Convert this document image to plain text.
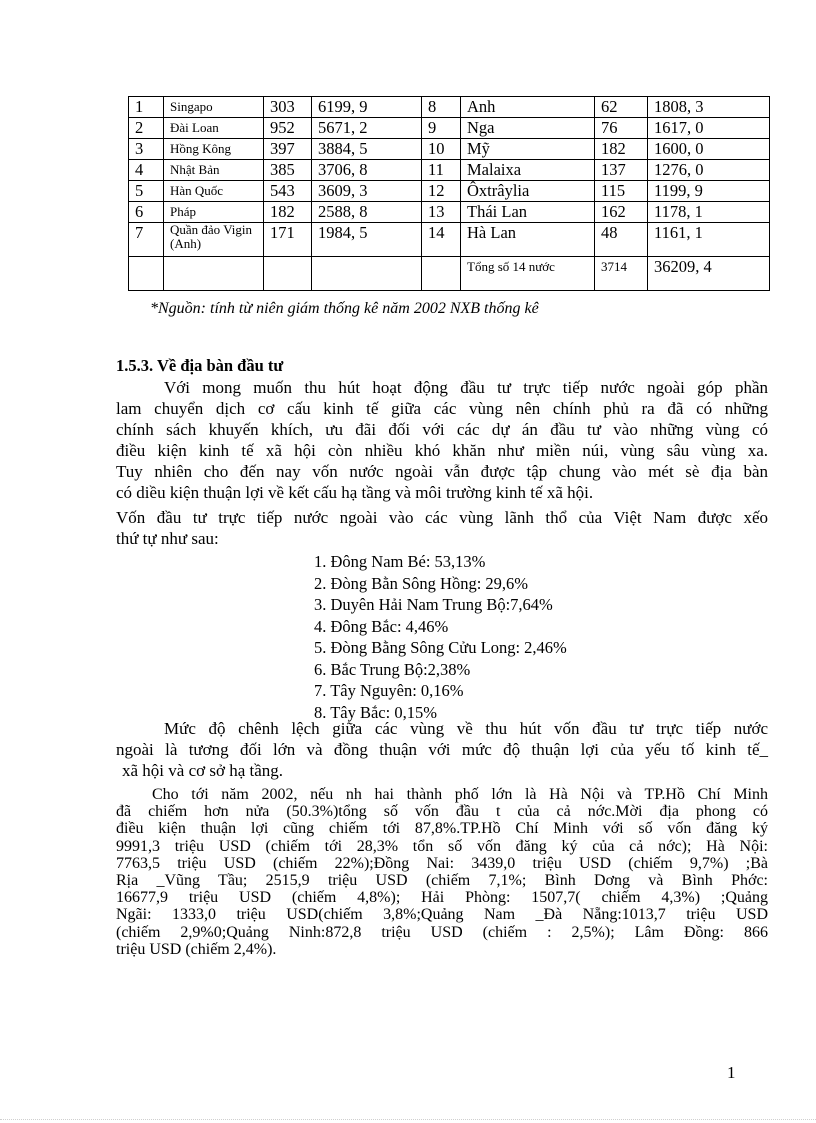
1	Singapo	303	6199, 9	8	Anh	62	1808, 3
2	Đài Loan	952	5671, 2	9	Nga	76	1617, 0
3	Hồng Kông	397	3884, 5	10	Mỹ	182	1600, 0
4	Nhật Bản	385	3706, 8	11	Malaixa	137	1276, 0
5	Hàn Quốc	543	3609, 3	12	Ôxtrâylia	115	1199, 9
6	Pháp	182	2588, 8	13	Thái Lan	162	1178, 1
7	Quần đảo Vigin (Anh)	171	1984, 5	14	Hà Lan	48	1161, 1
					Tổng số 14 nước	3714	36209, 4
*Nguồn: tính từ niên giám thống kê năm 2002 NXB thống kê
1.5.3. Về địa bàn đầu tư

Với mong muốn thu hút hoạt động đầu tư trực tiếp nước ngoài góp phần
lam chuyển dịch cơ cấu kinh tế giữa các vùng nên chính phủ ra đã có những
chính sách khuyến khích, ưu đãi đối với các dự án đầu tư vào những vùng có
điều kiện kinh tế xã hội còn nhiều khó khăn như miền núi, vùng sâu vùng xa.
Tuy nhiên cho đến nay vốn nước ngoài vẫn được tập chung vào mét sè địa bàn
có diều kiện thuận lợi về kết cấu hạ tầng và môi trường kinh tế xã hội.

Vốn đầu tư trực tiếp nước ngoài vào các vùng lãnh thổ của Việt Nam được xếo
thứ tự như sau:

1. Đông Nam Bé: 53,13%
2. Đòng Bằn Sông Hồng: 29,6%
3. Duyên Hải Nam Trung Bộ:7,64%
4. Đông Bắc: 4,46%
5. Đòng Bằng Sông Cửu Long: 2,46%
6. Bắc Trung Bộ:2,38%
7. Tây Nguyên: 0,16%
8. Tây Bắc: 0,15%

Mức độ chênh lệch giữa các vùng về thu hút vốn đầu tư trực tiếp nước
ngoài là tương đối lớn và đồng thuận với mức độ thuận lợi của yếu tố kinh tế_
xã hội và cơ sở hạ tầng.

Cho tới năm 2002, nếu nh hai thành phố lớn là Hà Nội và TP.Hồ Chí Minh
đã chiếm hơn nửa (50.3%)tổng số vốn đầu t của cả nớc.Mời địa phong có
điều kiện thuận lợi cũng chiếm tới 87,8%.TP.Hồ Chí Minh với số vốn đăng ký
9991,3 triệu USD (chiếm tới 28,3% tổn số vốn đăng ký của cả nớc); Hà Nội:
7763,5 triệu USD (chiếm 22%);Đồng Nai: 3439,0 triệu USD (chiếm 9,7%) ;Bà
Rịa _Vũng Tầu; 2515,9 triệu USD (chiếm 7,1%; Bình Dơng và Bình Phớc:
16677,9 triệu USD (chiếm 4,8%); Hải Phòng: 1507,7( chiếm 4,3%) ;Quảng
Ngãi: 1333,0 triệu USD(chiếm 3,8%;Quảng Nam _Đà Nẵng:1013,7 triệu USD
(chiếm 2,9%0;Quảng Ninh:872,8 triệu USD (chiếm : 2,5%); Lâm Đồng: 866
triệu USD (chiếm 2,4%).

1
